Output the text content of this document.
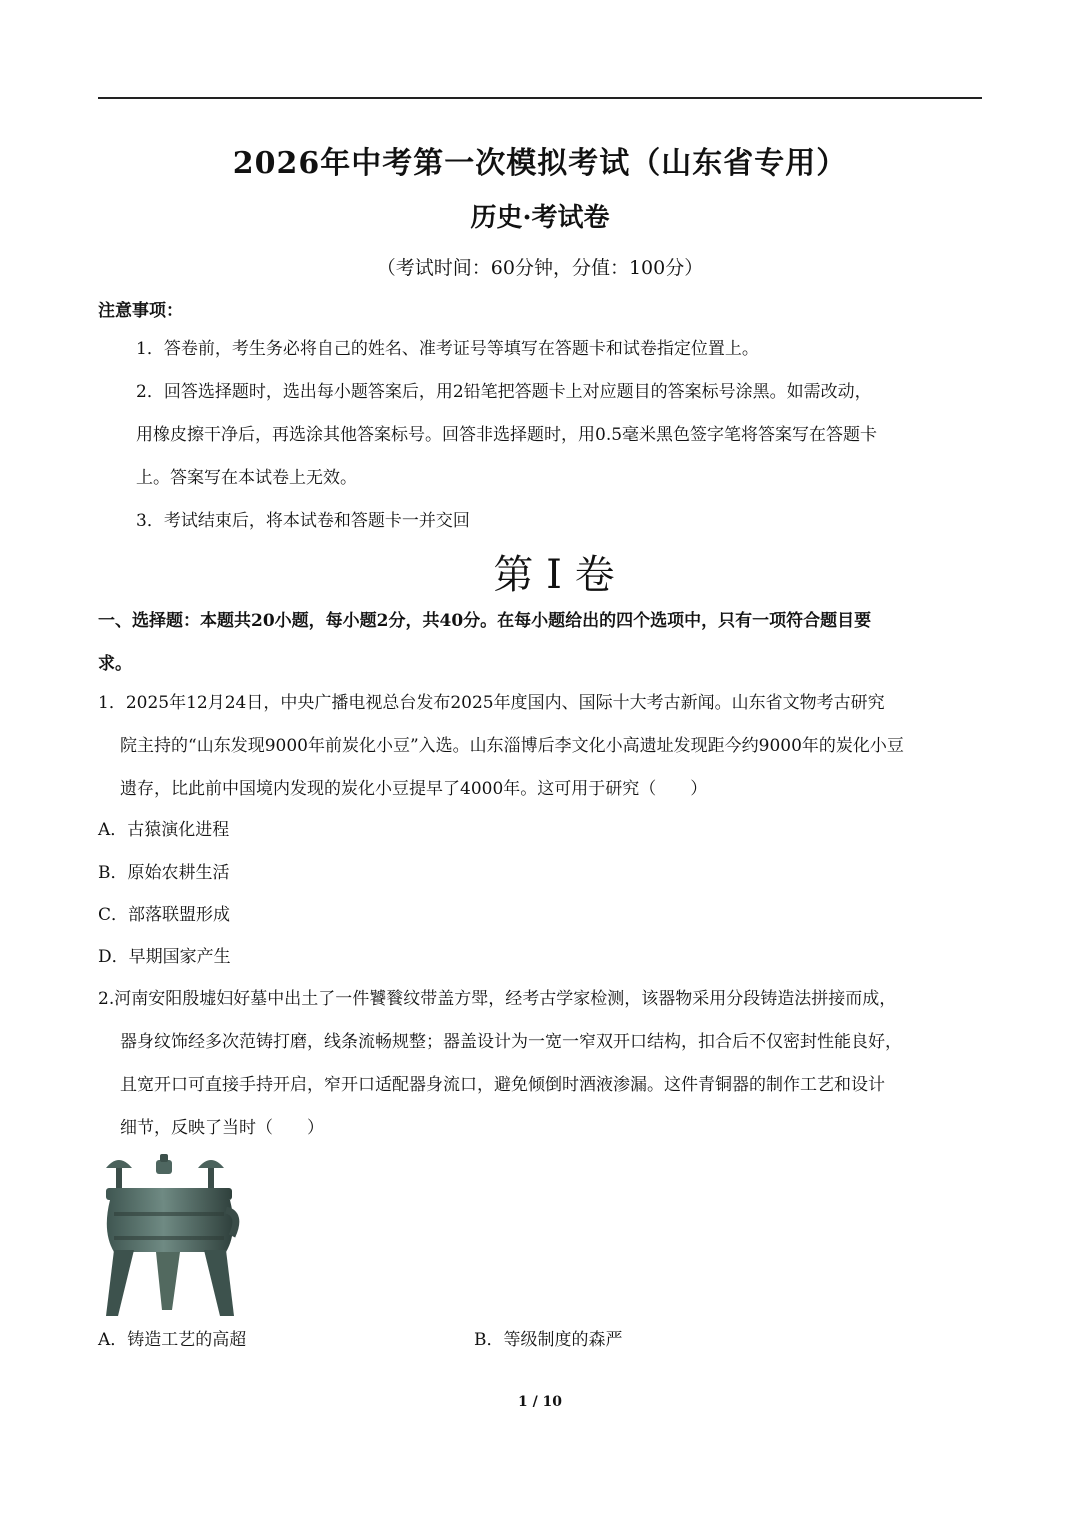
2026年中考第一次模拟考试（山东省专用）
历史·考试卷
（考试时间：60分钟，分值：100分）
注意事项：
1．答卷前，考生务必将自己的姓名、准考证号等填写在答题卡和试卷指定位置上。
2．回答选择题时，选出每小题答案后，用2铅笔把答题卡上对应题目的答案标号涂黑。如需改动，
用橡皮擦干净后，再选涂其他答案标号。回答非选择题时，用0.5毫米黑色签字笔将答案写在答题卡
上。答案写在本试卷上无效。
3．考试结束后，将本试卷和答题卡一并交回
第 I 卷
一、选择题：本题共20小题，每小题2分，共40分。在每小题给出的四个选项中，只有一项符合题目要
求。
1．2025年12月24日，中央广播电视总台发布2025年度国内、国际十大考古新闻。山东省文物考古研究
院主持的“山东发现9000年前炭化小豆”入选。山东淄博后李文化小高遗址发现距今约9000年的炭化小豆
遗存，比此前中国境内发现的炭化小豆提早了4000年。这可用于研究（　　）
A．古猿演化进程
B．原始农耕生活
C．部落联盟形成
D．早期国家产生
2.河南安阳殷墟妇好墓中出土了一件饕餮纹带盖方斝，经考古学家检测，该器物采用分段铸造法拼接而成，
器身纹饰经多次范铸打磨，线条流畅规整；器盖设计为一宽一窄双开口结构，扣合后不仅密封性能良好，
且宽开口可直接手持开启，窄开口适配器身流口，避免倾倒时酒液渗漏。这件青铜器的制作工艺和设计
细节，反映了当时（　　）
A．铸造工艺的高超	B．等级制度的森严
1 / 10
